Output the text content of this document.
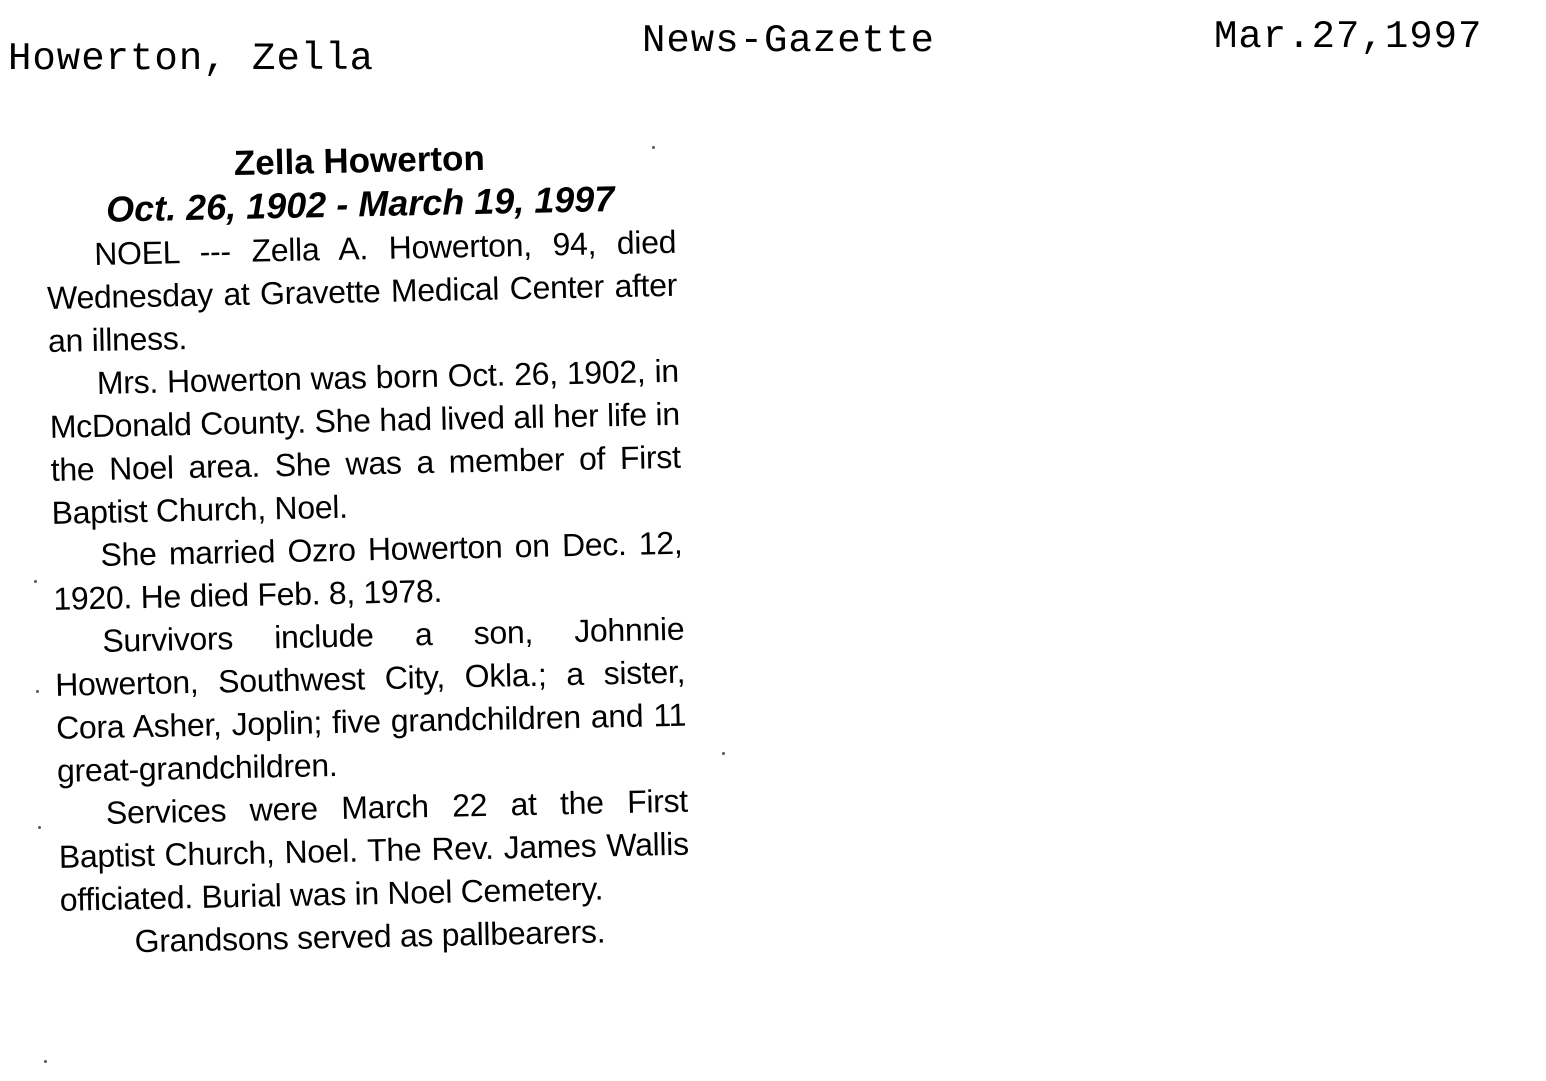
Howerton, Zella	News-Gazette	Mar.27,1997
Zella Howerton
Oct. 26, 1902 - March 19, 1997

NOEL --- Zella A. Howerton, 94, died Wednesday at Gravette Medical Center after an illness.

Mrs. Howerton was born Oct. 26, 1902, in McDonald County. She had lived all her life in the Noel area. She was a member of First Baptist Church, Noel.

She married Ozro Howerton on Dec. 12, 1920. He died Feb. 8, 1978.

Survivors include a son, Johnnie Howerton, Southwest City, Okla.; a sister, Cora Asher, Joplin; five grandchildren and 11 great-grandchildren.

Services were March 22 at the First Baptist Church, Noel. The Rev. James Wallis officiated. Burial was in Noel Cemetery.

Grandsons served as pallbearers.
